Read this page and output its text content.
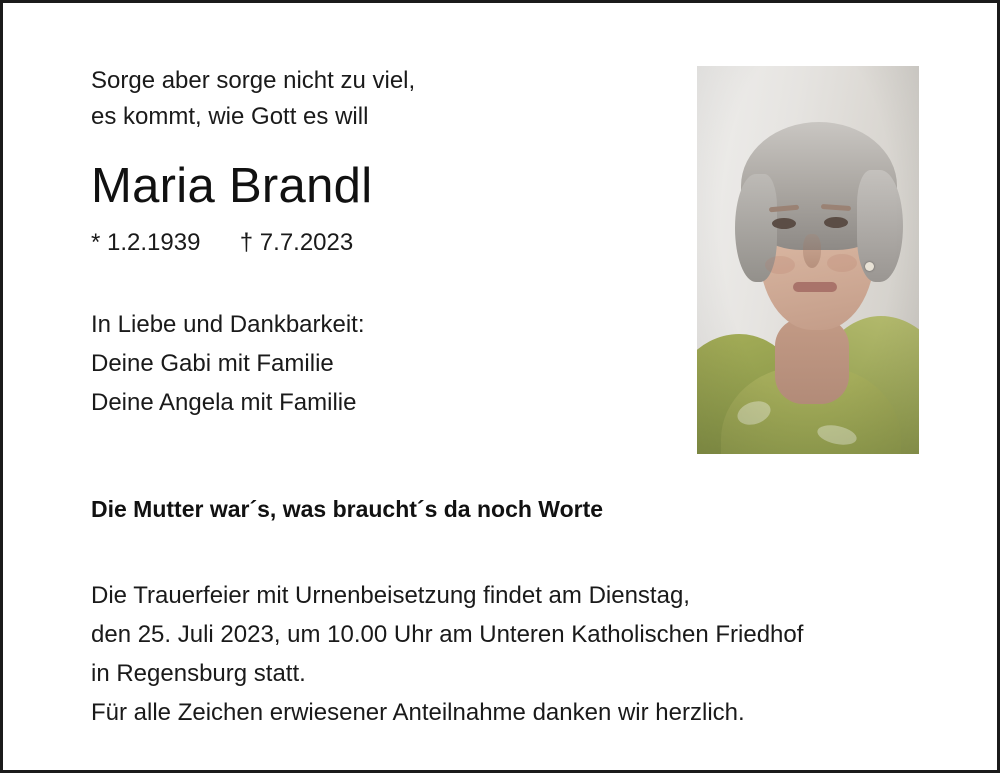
Sorge aber sorge nicht zu viel,
es kommt, wie Gott es will
Maria Brandl
* 1.2.1939 † 7.7.2023
In Liebe und Dankbarkeit:
Deine Gabi mit Familie
Deine Angela mit Familie
Die Mutter war´s, was braucht´s da noch Worte
Die Trauerfeier mit Urnenbeisetzung findet am Dienstag,
den 25. Juli 2023, um 10.00 Uhr am Unteren Katholischen Friedhof
in Regensburg statt.
Für alle Zeichen erwiesener Anteilnahme danken wir herzlich.
